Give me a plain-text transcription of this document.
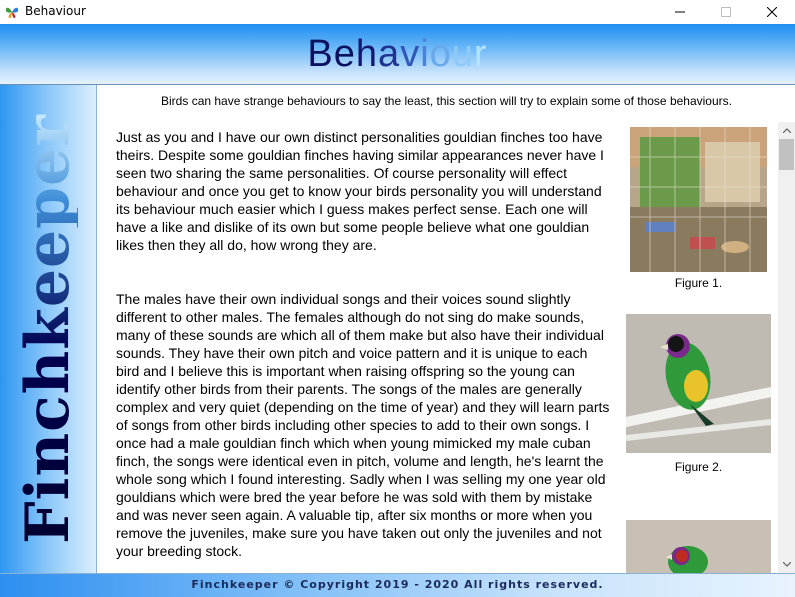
Behaviour
Behaviour
Finchkeeper
Birds can have strange behaviours to say the least, this section will try to explain some of those behaviours.

Just as you and I have our own distinct personalities gouldian finches too have theirs. Despite some gouldian finches having similar appearances never have I seen two sharing the same personalities. Of course personality will effect behaviour and once you get to know your birds personality you will understand its behaviour much easier which I guess makes perfect sense. Each one will have a like and dislike of its own but some people believe what one gouldian likes then they all do, how wrong they are.

The males have their own individual songs and their voices sound slightly different to other males. The females although do not sing do make sounds, many of these sounds are which all of them make but also have their individual sounds. They have their own pitch and voice pattern and it is unique to each bird and I believe this is important when raising offspring so the young can identify other birds from their parents. The songs of the males are generally complex and very quiet (depending on the time of year) and they will learn parts of songs from other birds including other species to add to their own songs. I once had a male gouldian finch which when young mimicked my male cuban finch, the songs were identical even in pitch, volume and length, he's learnt the whole song which I found interesting. Sadly when I was selling my one year old gouldians which were bred the year before he was sold with them by mistake and was never seen again. A valuable tip, after six months or more when you remove the juveniles, make sure you have taken out only the juveniles and not your breeding stock.

Figure 1.
Figure 2.
Finchkeeper © Copyright 2019 - 2020 All rights reserved.
